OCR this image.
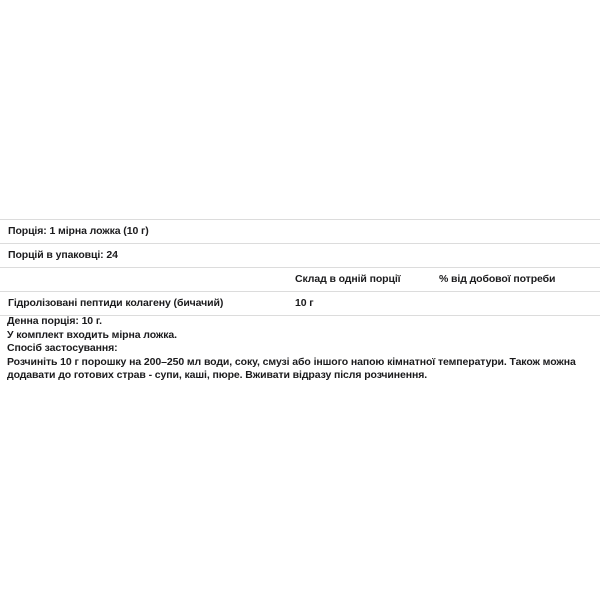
Порція: 1 мірна ложка (10 г)		
Порцій в упаковці: 24		
	Склад в одній порції	% від добової потреби
Гідролізовані пептиди колагену (бичачий)	10 г	

Денна порція: 10 г.

У комплект входить мірна ложка.

Спосіб застосування:

Розчиніть 10 г порошку на 200–250 мл води, соку, смузі або іншого напою кімнатної температури. Також можна додавати до готових страв - супи, каші, пюре. Вживати відразу після розчинення.
